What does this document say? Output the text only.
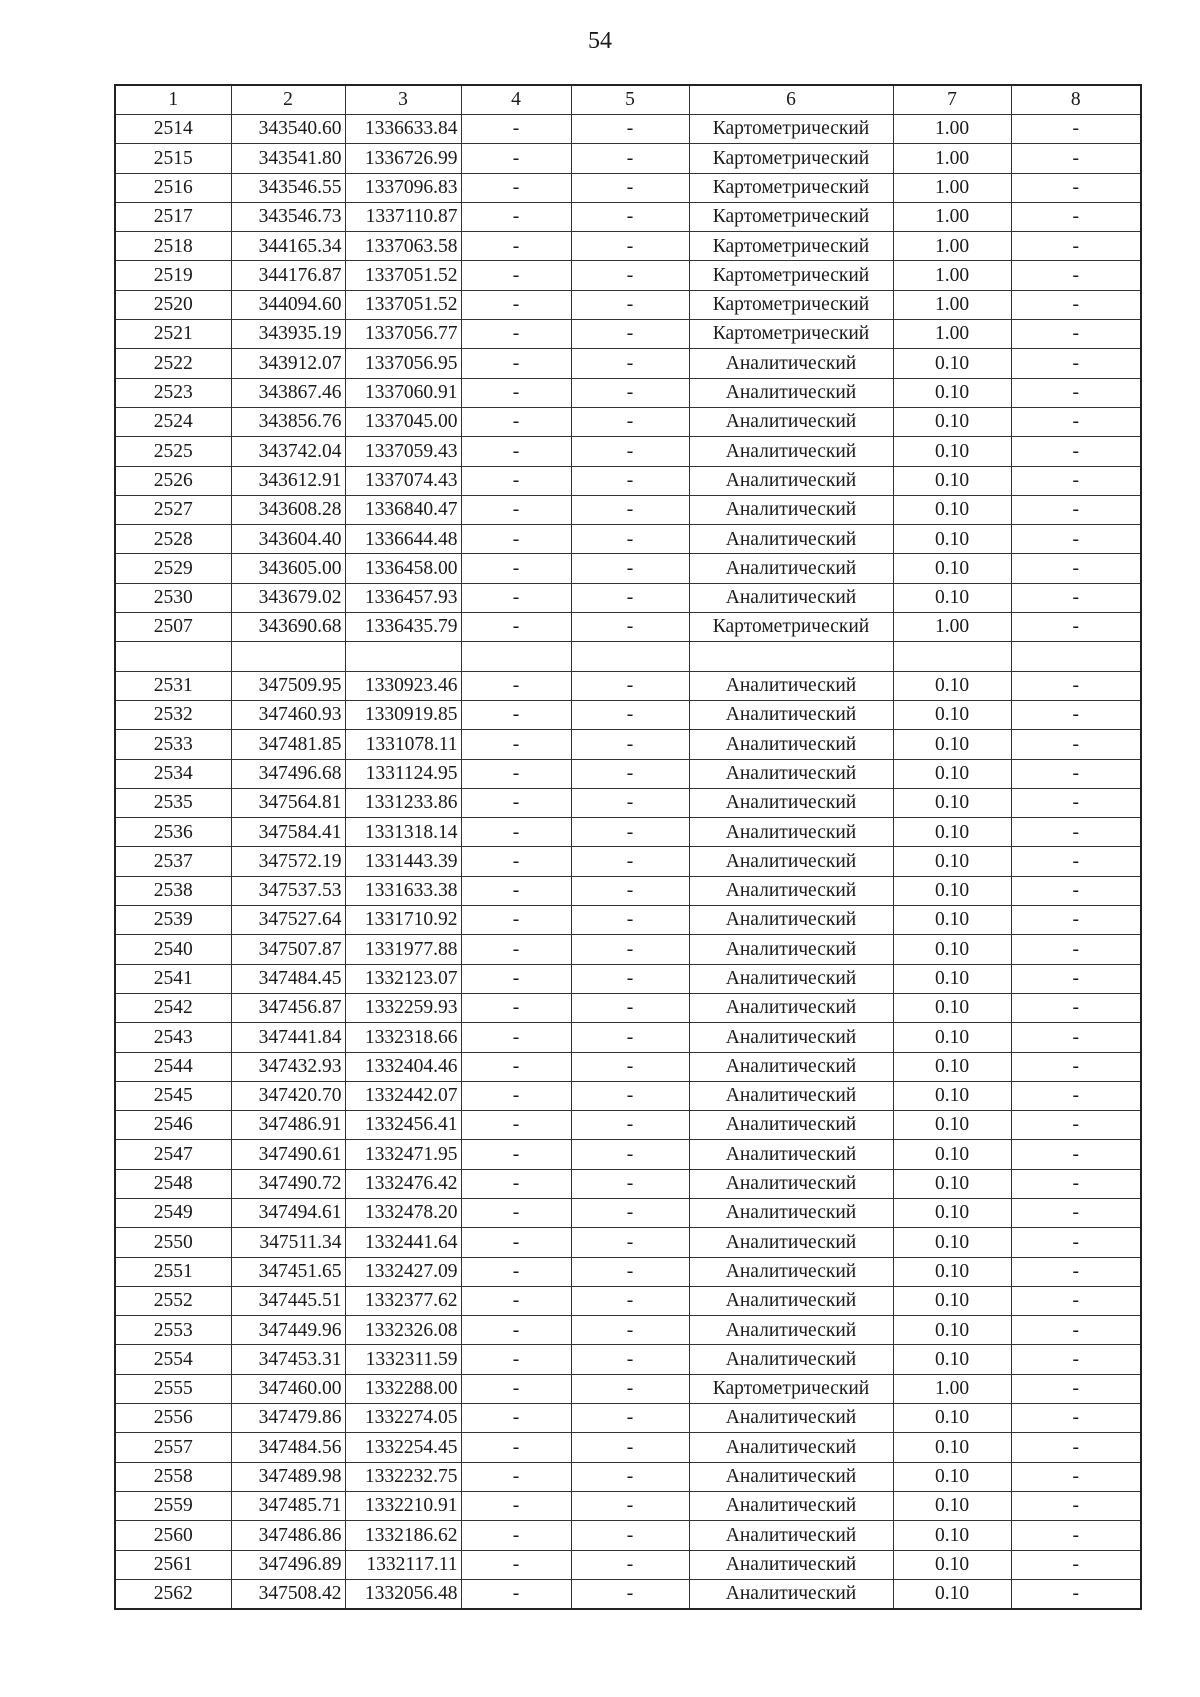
54
1	2	3	4	5	6	7	8
2514	343540.60	1336633.84	-	-	Картометрический	1.00	-
2515	343541.80	1336726.99	-	-	Картометрический	1.00	-
2516	343546.55	1337096.83	-	-	Картометрический	1.00	-
2517	343546.73	1337110.87	-	-	Картометрический	1.00	-
2518	344165.34	1337063.58	-	-	Картометрический	1.00	-
2519	344176.87	1337051.52	-	-	Картометрический	1.00	-
2520	344094.60	1337051.52	-	-	Картометрический	1.00	-
2521	343935.19	1337056.77	-	-	Картометрический	1.00	-
2522	343912.07	1337056.95	-	-	Аналитический	0.10	-
2523	343867.46	1337060.91	-	-	Аналитический	0.10	-
2524	343856.76	1337045.00	-	-	Аналитический	0.10	-
2525	343742.04	1337059.43	-	-	Аналитический	0.10	-
2526	343612.91	1337074.43	-	-	Аналитический	0.10	-
2527	343608.28	1336840.47	-	-	Аналитический	0.10	-
2528	343604.40	1336644.48	-	-	Аналитический	0.10	-
2529	343605.00	1336458.00	-	-	Аналитический	0.10	-
2530	343679.02	1336457.93	-	-	Аналитический	0.10	-
2507	343690.68	1336435.79	-	-	Картометрический	1.00	-

2531	347509.95	1330923.46	-	-	Аналитический	0.10	-
2532	347460.93	1330919.85	-	-	Аналитический	0.10	-
2533	347481.85	1331078.11	-	-	Аналитический	0.10	-
2534	347496.68	1331124.95	-	-	Аналитический	0.10	-
2535	347564.81	1331233.86	-	-	Аналитический	0.10	-
2536	347584.41	1331318.14	-	-	Аналитический	0.10	-
2537	347572.19	1331443.39	-	-	Аналитический	0.10	-
2538	347537.53	1331633.38	-	-	Аналитический	0.10	-
2539	347527.64	1331710.92	-	-	Аналитический	0.10	-
2540	347507.87	1331977.88	-	-	Аналитический	0.10	-
2541	347484.45	1332123.07	-	-	Аналитический	0.10	-
2542	347456.87	1332259.93	-	-	Аналитический	0.10	-
2543	347441.84	1332318.66	-	-	Аналитический	0.10	-
2544	347432.93	1332404.46	-	-	Аналитический	0.10	-
2545	347420.70	1332442.07	-	-	Аналитический	0.10	-
2546	347486.91	1332456.41	-	-	Аналитический	0.10	-
2547	347490.61	1332471.95	-	-	Аналитический	0.10	-
2548	347490.72	1332476.42	-	-	Аналитический	0.10	-
2549	347494.61	1332478.20	-	-	Аналитический	0.10	-
2550	347511.34	1332441.64	-	-	Аналитический	0.10	-
2551	347451.65	1332427.09	-	-	Аналитический	0.10	-
2552	347445.51	1332377.62	-	-	Аналитический	0.10	-
2553	347449.96	1332326.08	-	-	Аналитический	0.10	-
2554	347453.31	1332311.59	-	-	Аналитический	0.10	-
2555	347460.00	1332288.00	-	-	Картометрический	1.00	-
2556	347479.86	1332274.05	-	-	Аналитический	0.10	-
2557	347484.56	1332254.45	-	-	Аналитический	0.10	-
2558	347489.98	1332232.75	-	-	Аналитический	0.10	-
2559	347485.71	1332210.91	-	-	Аналитический	0.10	-
2560	347486.86	1332186.62	-	-	Аналитический	0.10	-
2561	347496.89	1332117.11	-	-	Аналитический	0.10	-
2562	347508.42	1332056.48	-	-	Аналитический	0.10	-
